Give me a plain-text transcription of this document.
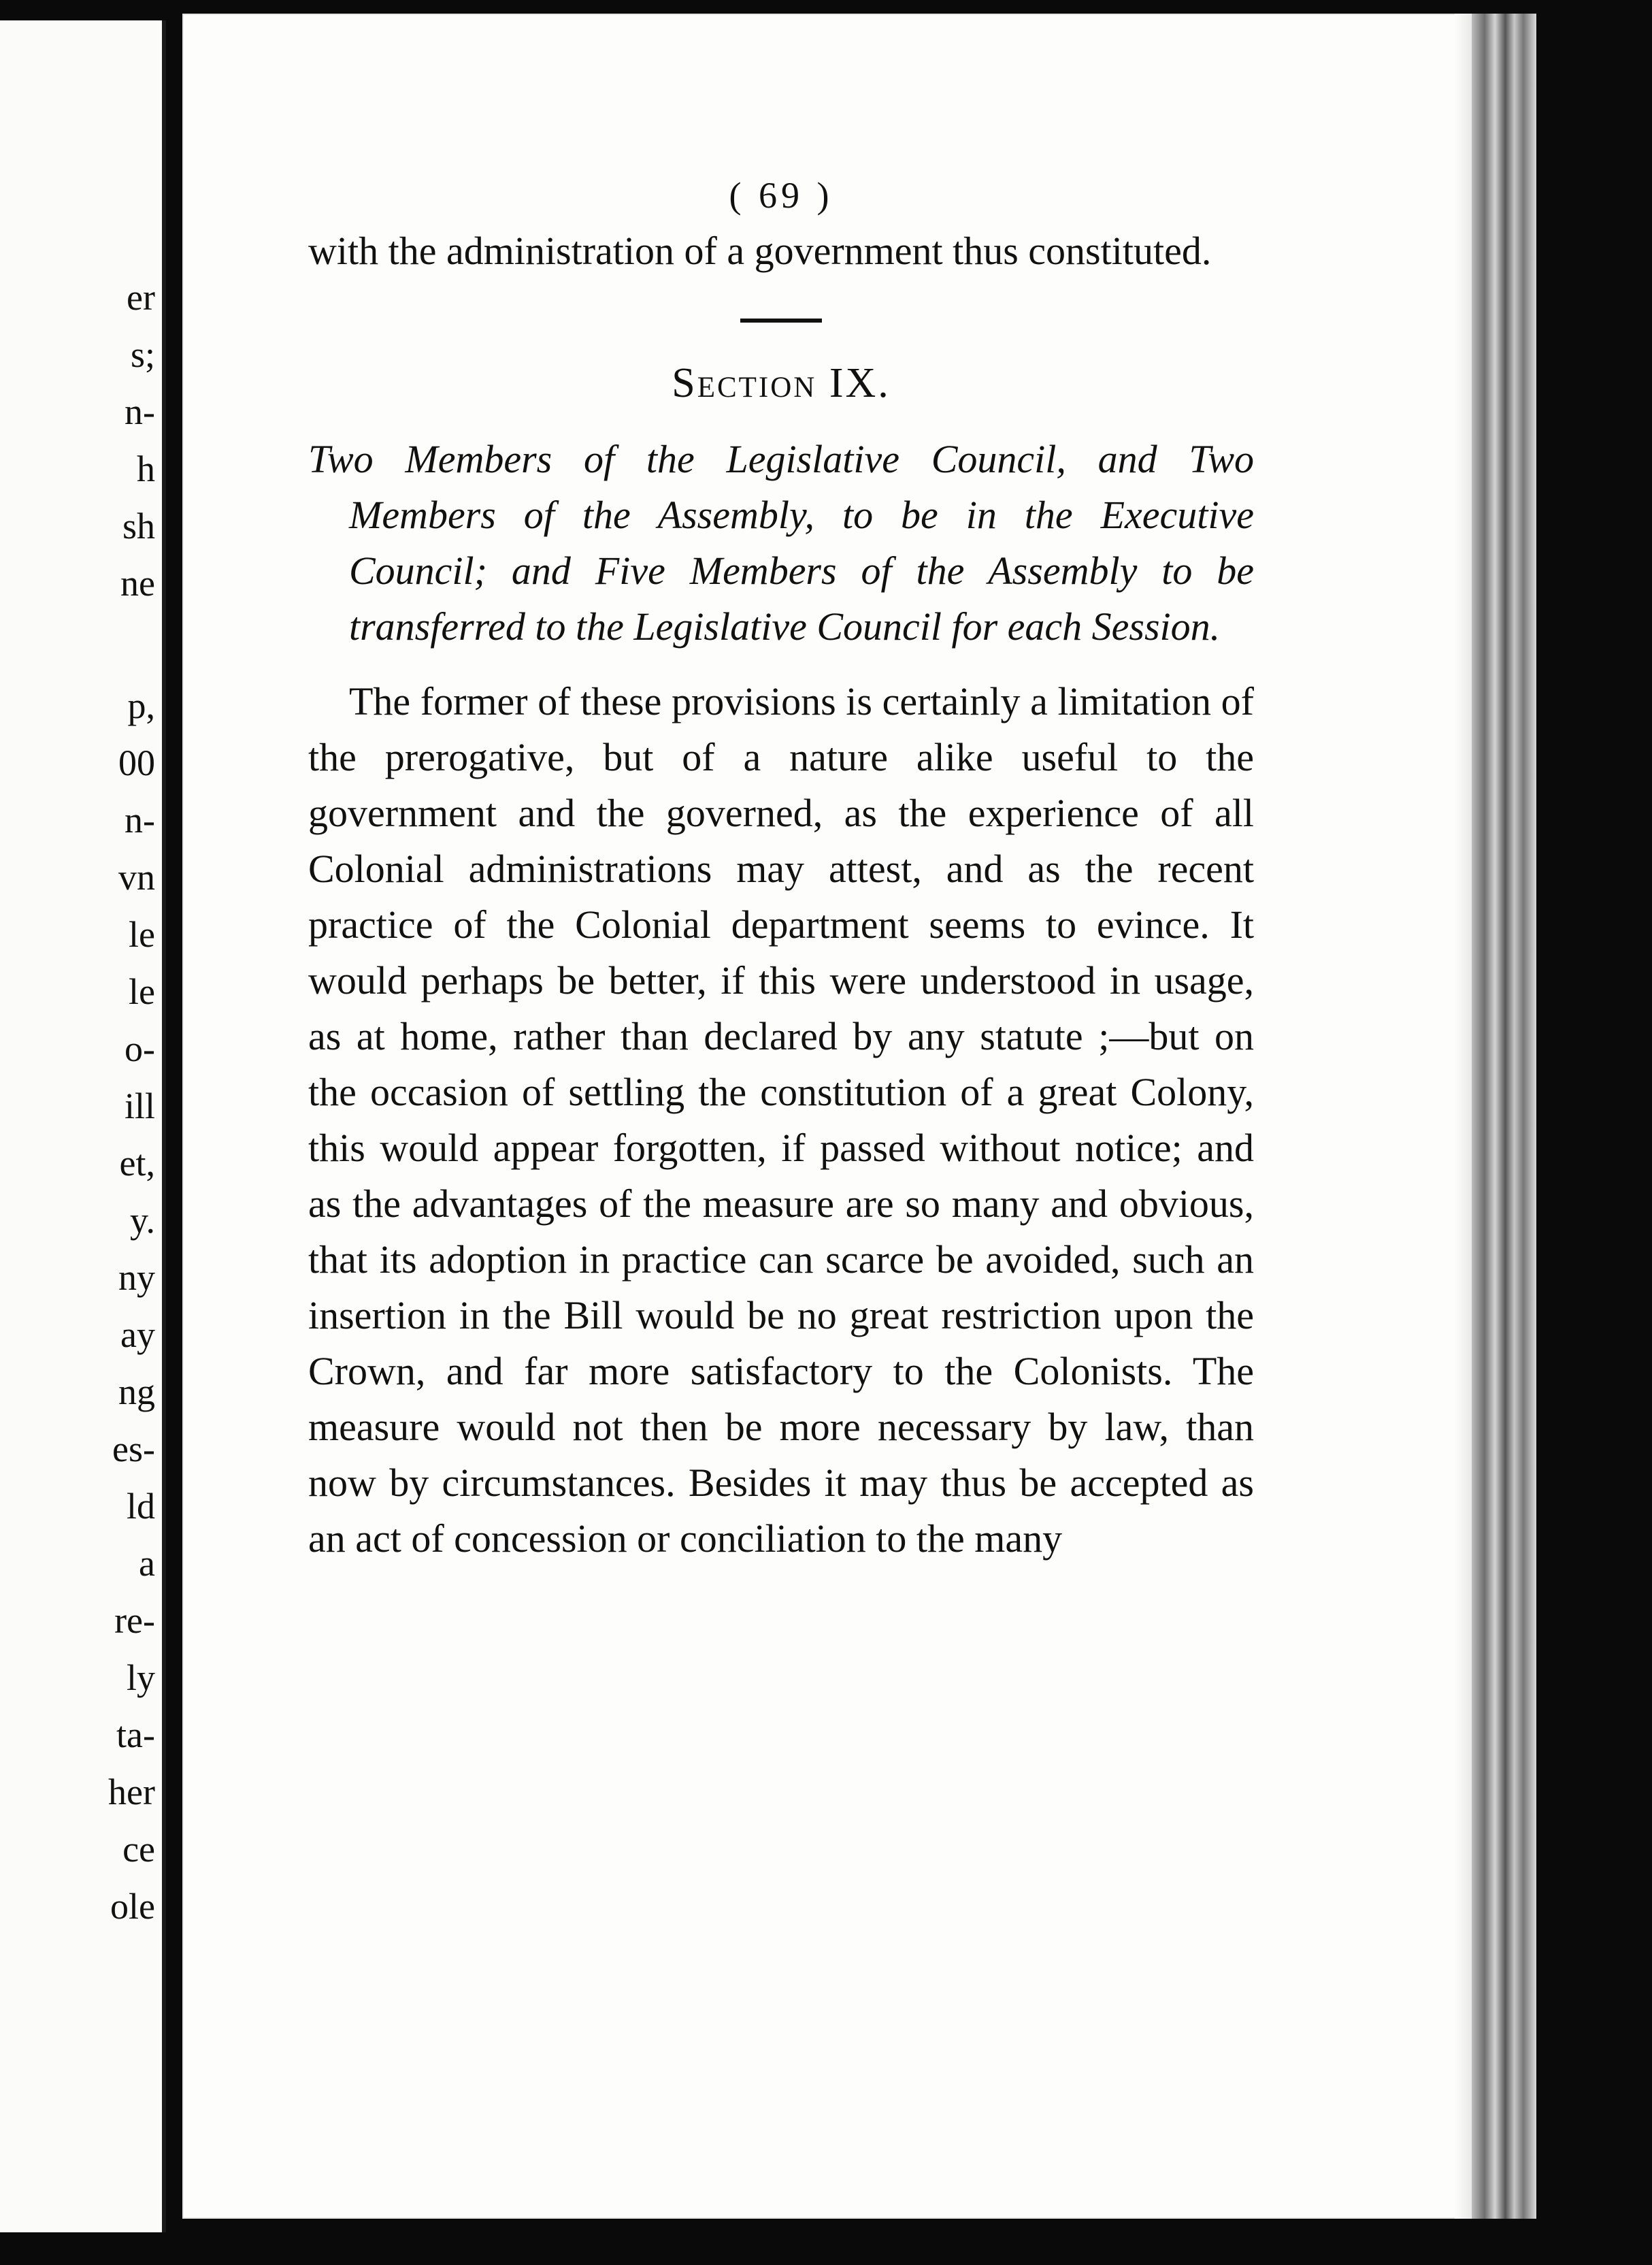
er
s;
n-
h
sh
ne
p,
00
n-
vn
le
le
o-
ill
et,
y.
ny
ay
ng
es-
ld
a
re-
ly
ta-
her
ce
ole
( 69 )

with the administration of a government thus constituted.

Section IX.

Two Members of the Legislative Council, and Two Members of the Assembly, to be in the Executive Council; and Five Members of the Assembly to be transferred to the Legislative Council for each Session.

The former of these provisions is certainly a limitation of the prerogative, but of a nature alike useful to the government and the governed, as the experience of all Colonial administrations may attest, and as the recent practice of the Colonial department seems to evince. It would perhaps be better, if this were understood in usage, as at home, rather than declared by any statute ;—but on the occasion of settling the constitution of a great Colony, this would appear forgotten, if passed without notice; and as the advantages of the measure are so many and obvious, that its adoption in practice can scarce be avoided, such an insertion in the Bill would be no great restriction upon the Crown, and far more satisfactory to the Colonists. The measure would not then be more necessary by law, than now by circumstances. Besides it may thus be accepted as an act of concession or conciliation to the many
